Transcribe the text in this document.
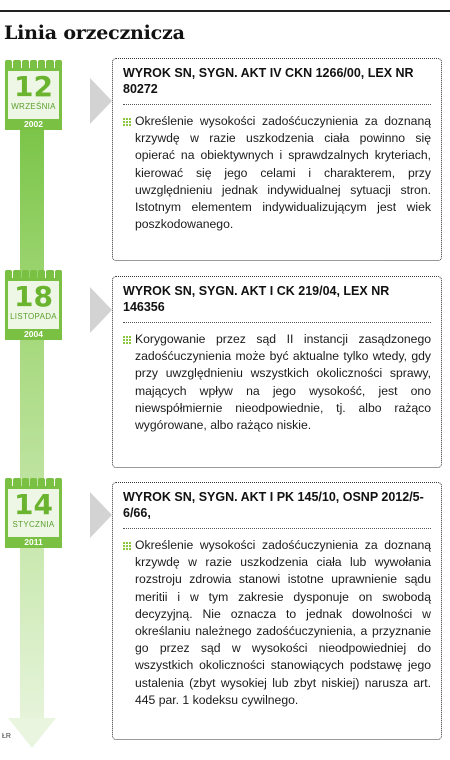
Linia orzecznicza
ŁR
12
WRZEŚNIA
2002

WYROK SN, SYGN. AKT IV CKN 1266/00, LEX NR 80272

Określenie wysokości zadośćuczynienia za doznaną krzywdę w razie uszkodzenia ciała powinno się opierać na obiektywnych i sprawdzalnych kryteriach, kierować się jego celami i charakterem, przy uwzględnieniu jednak indywidualnej sytuacji stron. Istotnym elementem indywidualizującym jest wiek poszkodowanego.

18
LISTOPADA
2004

WYROK SN, SYGN. AKT I CK 219/04, LEX NR 146356

Korygowanie przez sąd II instancji zasądzonego zadośćuczynienia może być aktualne tylko wtedy, gdy przy uwzględnieniu wszystkich okoliczności sprawy, mających wpływ na jego wysokość, jest ono niewspółmiernie nieodpowiednie, tj. albo rażąco wygórowane, albo rażąco niskie.

14
STYCZNIA
2011

WYROK SN, SYGN. AKT I PK 145/10, OSNP 2012/5-6/66,

Określenie wysokości zadośćuczynienia za doznaną krzywdę w razie uszkodzenia ciała lub wywołania rozstroju zdrowia stanowi istotne uprawnienie sądu meritii i w tym zakresie dysponuje on swobodą decyzyjną. Nie oznacza to jednak dowolności w określaniu należnego zadośćuczynienia, a przyznanie go przez sąd w wysokości nieodpowiedniej do wszystkich okoliczności stanowiących podstawę jego ustalenia (zbyt wysokiej lub zbyt niskiej) narusza art. 445 par. 1 kodeksu cywilnego.
